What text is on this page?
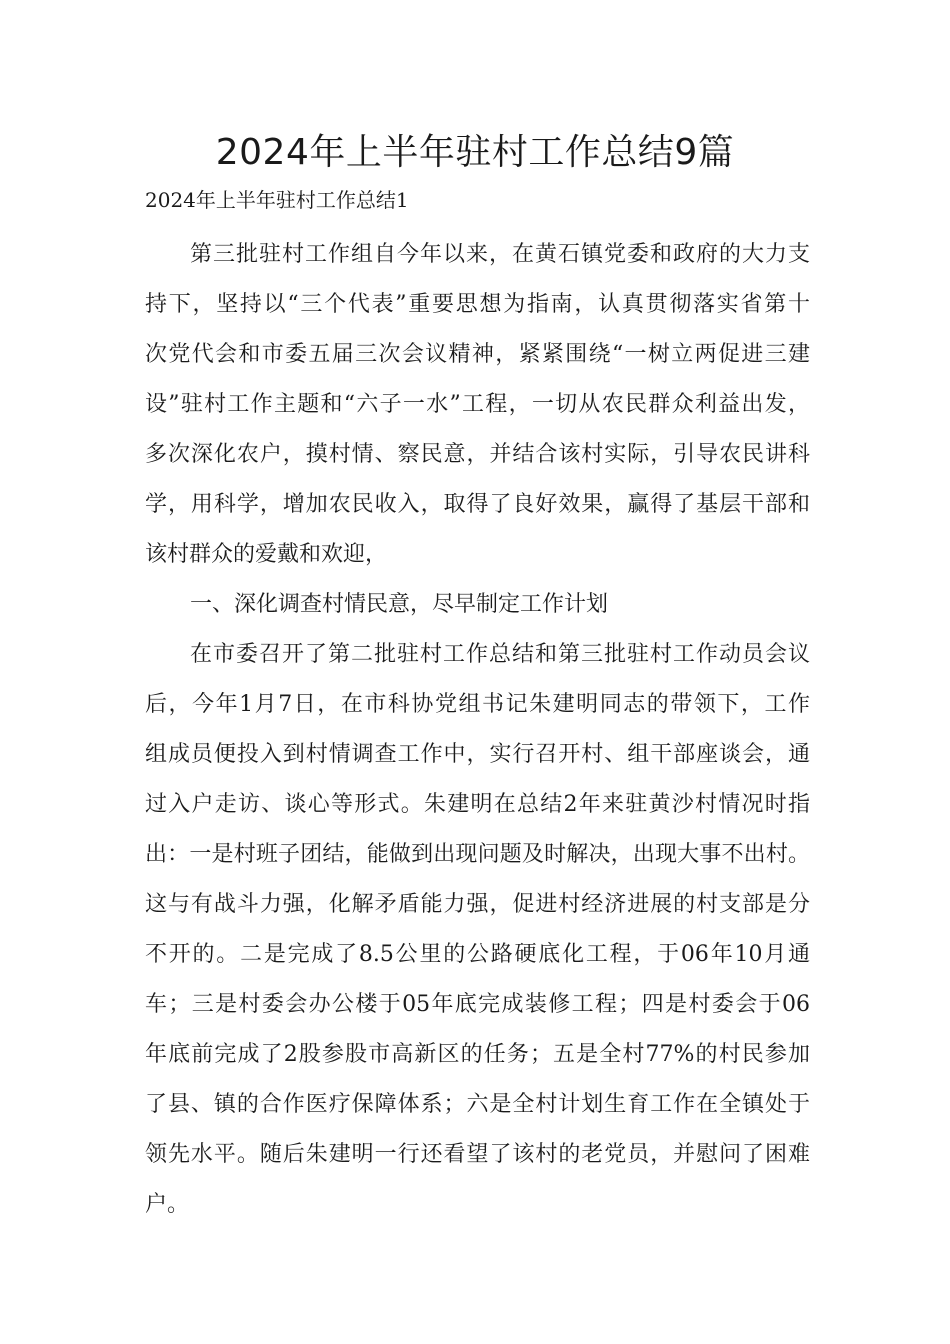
2024年上半年驻村工作总结9篇

2024年上半年驻村工作总结1

第三批驻村工作组自今年以来，在黄石镇党委和政府的大力支

持下，坚持以“三个代表”重要思想为指南，认真贯彻落实省第十

次党代会和市委五届三次会议精神，紧紧围绕“一树立两促进三建

设”驻村工作主题和“六子一水”工程，一切从农民群众利益出发，

多次深化农户，摸村情、察民意，并结合该村实际，引导农民讲科

学，用科学，增加农民收入，取得了良好效果，赢得了基层干部和

该村群众的爱戴和欢迎，

一、深化调查村情民意，尽早制定工作计划

在市委召开了第二批驻村工作总结和第三批驻村工作动员会议

后，今年1月7日，在市科协党组书记朱建明同志的带领下，工作

组成员便投入到村情调查工作中，实行召开村、组干部座谈会，通

过入户走访、谈心等形式。朱建明在总结2年来驻黄沙村情况时指

出：一是村班子团结，能做到出现问题及时解决，出现大事不出村。

这与有战斗力强，化解矛盾能力强，促进村经济进展的村支部是分

不开的。二是完成了8.5公里的公路硬底化工程，于06年10月通

车；三是村委会办公楼于05年底完成装修工程；四是村委会于06

年底前完成了2股参股市高新区的任务；五是全村77%的村民参加

了县、镇的合作医疗保障体系；六是全村计划生育工作在全镇处于

领先水平。随后朱建明一行还看望了该村的老党员，并慰问了困难

户。
